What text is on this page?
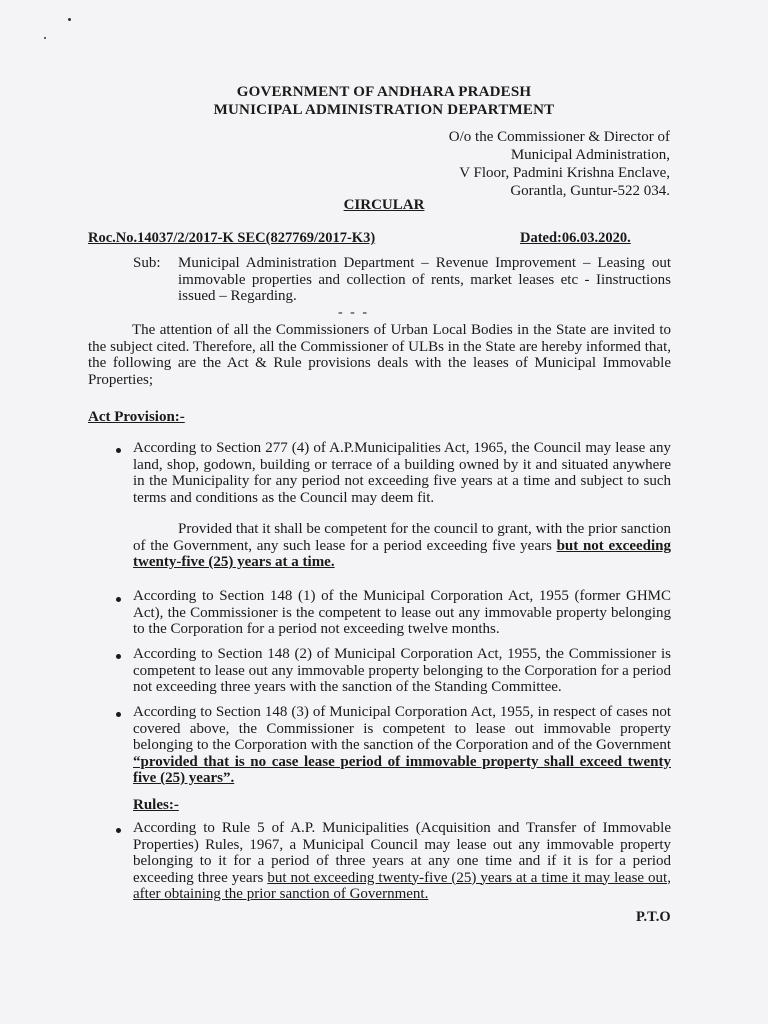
GOVERNMENT OF ANDHARA PRADESH
MUNICIPAL ADMINISTRATION DEPARTMENT
O/o the Commissioner & Director of
Municipal Administration,
V Floor, Padmini Krishna Enclave,
Gorantla, Guntur-522 034.
CIRCULAR
Roc.No.14037/2/2017-K SEC(827769/2017-K3)	Dated:06.03.2020.
Sub:	Municipal Administration Department – Revenue Improvement – Leasing out immovable properties and collection of rents, market leases etc - Iinstructions issued – Regarding.
- - -
The attention of all the Commissioners of Urban Local Bodies in the State are invited to the subject cited. Therefore, all the Commissioner of ULBs in the State are hereby informed that, the following are the Act & Rule provisions deals with the leases of Municipal Immovable Properties;
Act Provision:-
According to Section 277 (4) of A.P.Municipalities Act, 1965, the Council may lease any land, shop, godown, building or terrace of a building owned by it and situated anywhere in the Municipality for any period not exceeding five years at a time and subject to such terms and conditions as the Council may deem fit.
Provided that it shall be competent for the council to grant, with the prior sanction of the Government, any such lease for a period exceeding five years but not exceeding twenty-five (25) years at a time.
According to Section 148 (1) of the Municipal Corporation Act, 1955 (former GHMC Act), the Commissioner is the competent to lease out any immovable property belonging to the Corporation for a period not exceeding twelve months.
According to Section 148 (2) of Municipal Corporation Act, 1955, the Commissioner is competent to lease out any immovable property belonging to the Corporation for a period not exceeding three years with the sanction of the Standing Committee.
According to Section 148 (3) of Municipal Corporation Act, 1955, in respect of cases not covered above, the Commissioner is competent to lease out immovable property belonging to the Corporation with the sanction of the Corporation and of the Government “provided that is no case lease period of immovable property shall exceed twenty five (25) years”.
Rules:-
According to Rule 5 of A.P. Municipalities (Acquisition and Transfer of Immovable Properties) Rules, 1967, a Municipal Council may lease out any immovable property belonging to it for a period of three years at any one time and if it is for a period exceeding three years but not exceeding twenty-five (25) years at a time it may lease out, after obtaining the prior sanction of Government.
P.T.O
